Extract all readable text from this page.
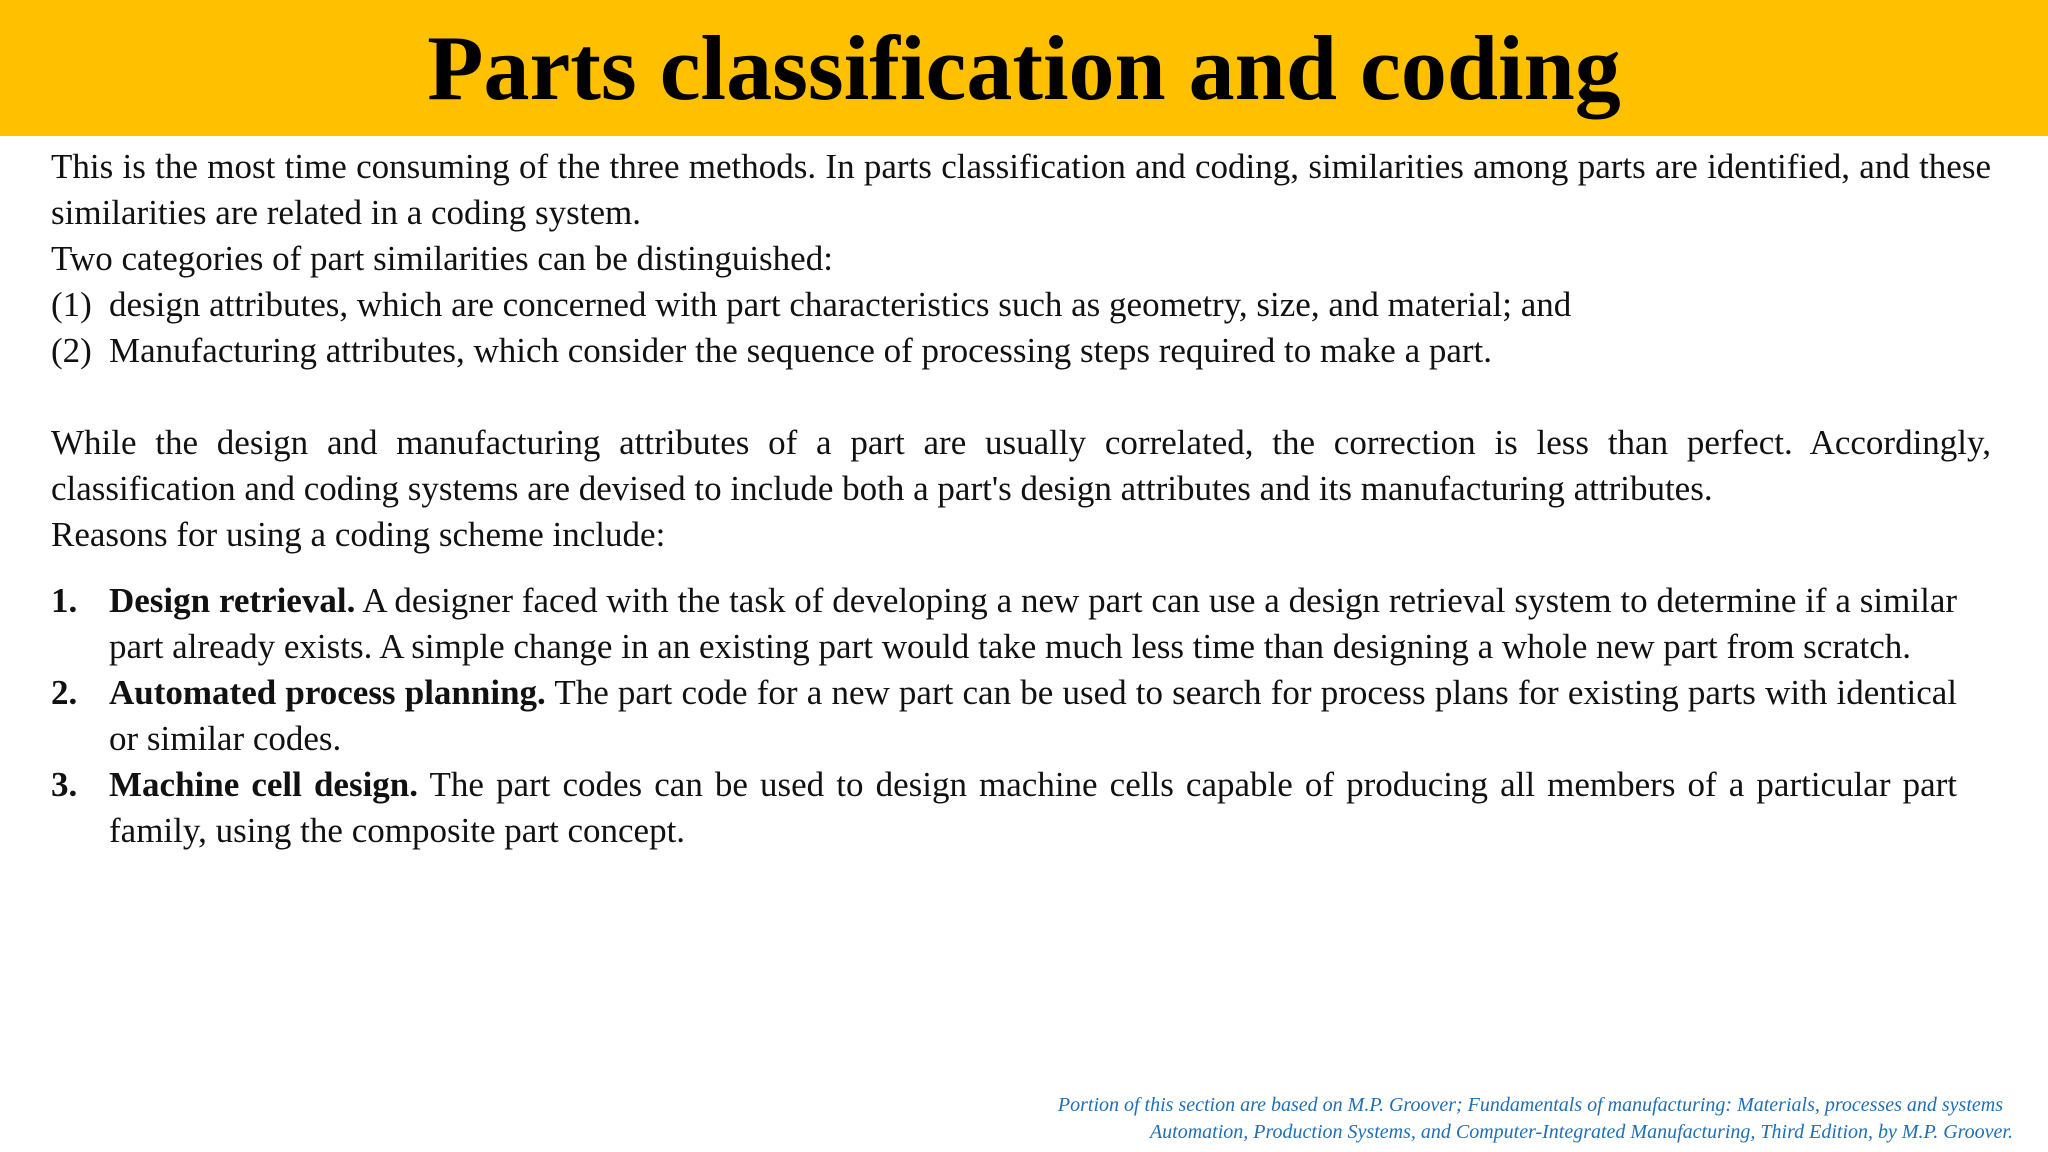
Parts classification and coding

This is the most time consuming of the three methods. In parts classification and coding, similarities among parts are identified, and these similarities are related in a coding system.

Two categories of part similarities can be distinguished:

(1) design attributes, which are concerned with part characteristics such as geometry, size, and material; and
(2) Manufacturing attributes, which consider the sequence of processing steps required to make a part.

While the design and manufacturing attributes of a part are usually correlated, the correction is less than perfect. Accordingly, classification and coding systems are devised to include both a part's design attributes and its manufacturing attributes.

Reasons for using a coding scheme include:

1. Design retrieval. A designer faced with the task of developing a new part can use a design retrieval system to determine if a similar part already exists. A simple change in an existing part would take much less time than designing a whole new part from scratch.
2. Automated process planning. The part code for a new part can be used to search for process plans for existing parts with identical or similar codes.
3. Machine cell design. The part codes can be used to design machine cells capable of producing all members of a particular part family, using the composite part concept.
Portion of this section are based on M.P. Groover; Fundamentals of manufacturing: Materials, processes and systems
Automation, Production Systems, and Computer-Integrated Manufacturing, Third Edition, by M.P. Groover.
